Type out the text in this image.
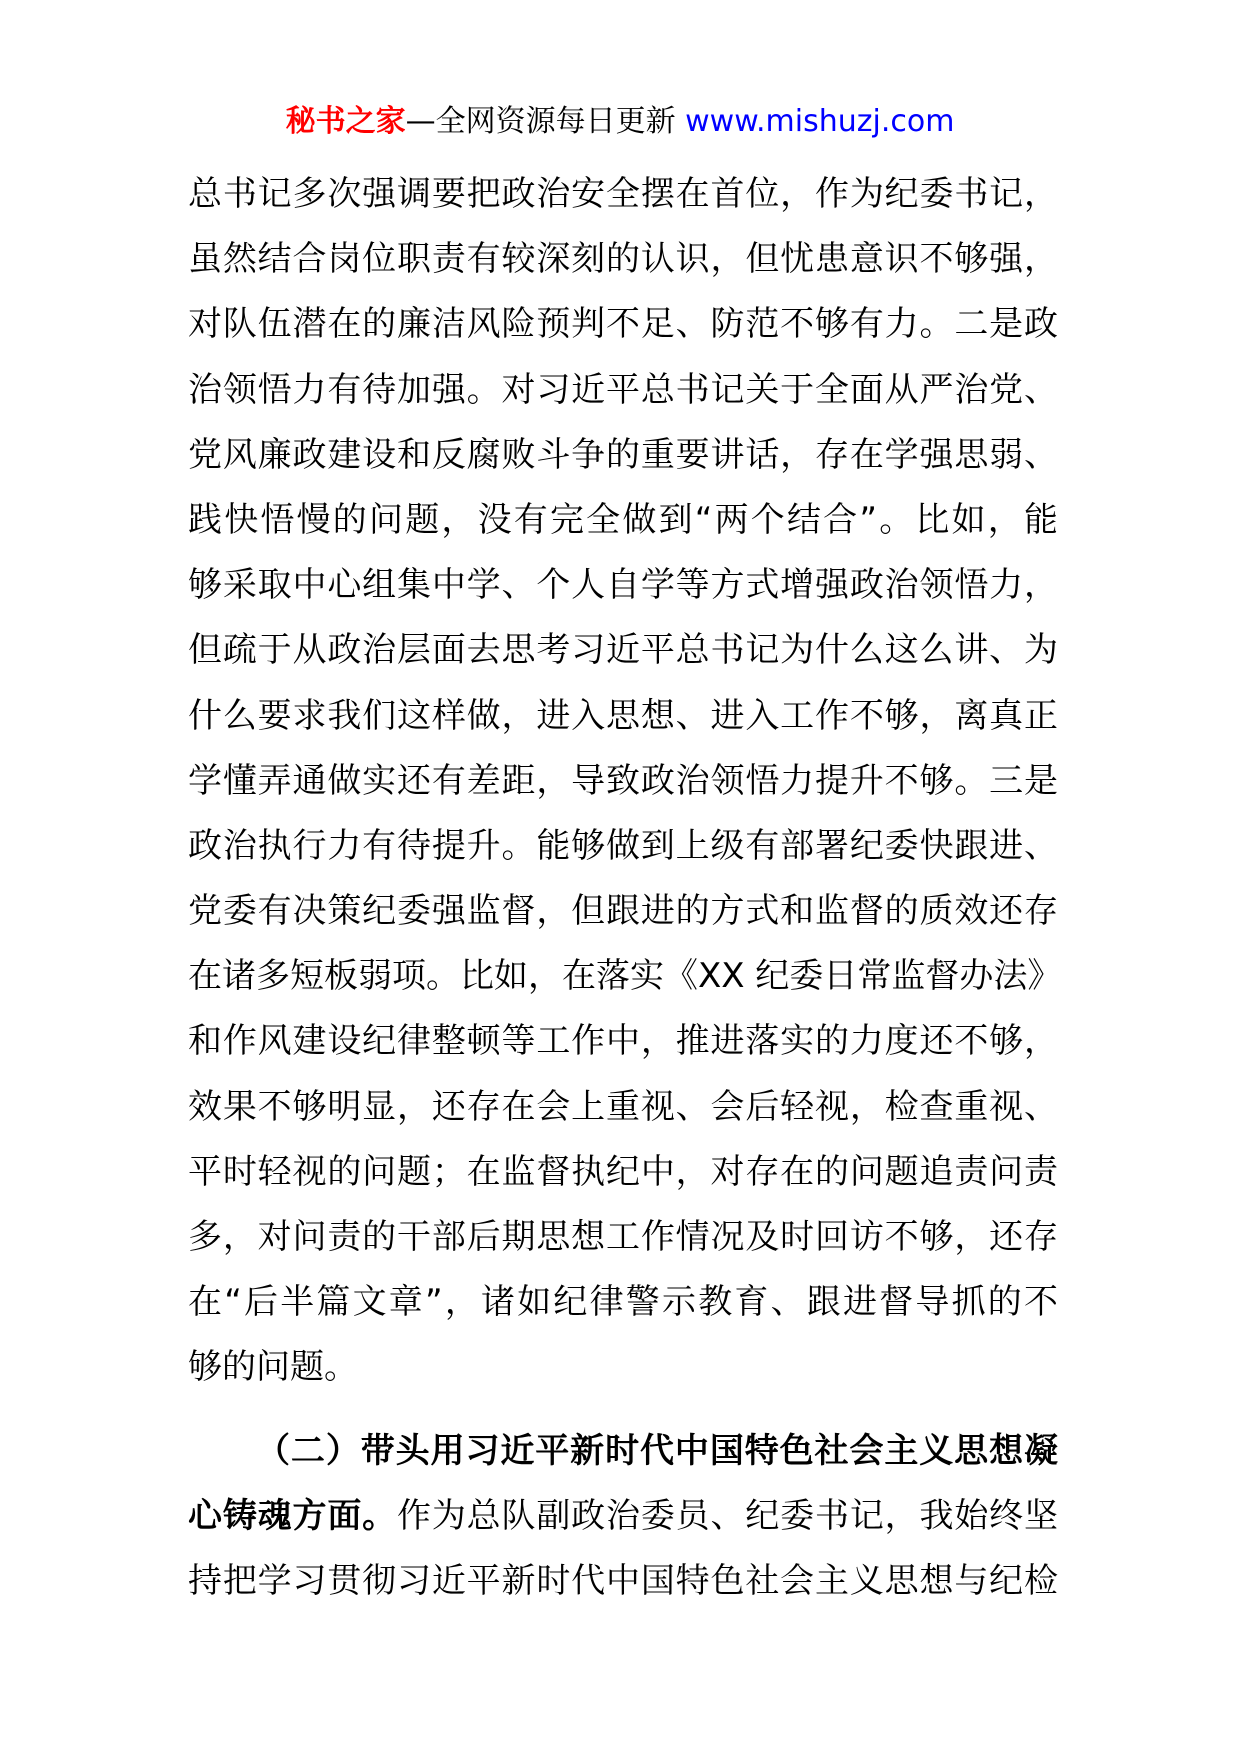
秘书之家—全网资源每日更新 www.mishuzj.com
总书记多次强调要把政治安全摆在首位，作为纪委书记，
虽然结合岗位职责有较深刻的认识，但忧患意识不够强，
对队伍潜在的廉洁风险预判不足、防范不够有力。二是政
治领悟力有待加强。对习近平总书记关于全面从严治党、
党风廉政建设和反腐败斗争的重要讲话，存在学强思弱、
践快悟慢的问题，没有完全做到“两个结合”。比如，能
够采取中心组集中学、个人自学等方式增强政治领悟力，
但疏于从政治层面去思考习近平总书记为什么这么讲、为
什么要求我们这样做，进入思想、进入工作不够，离真正
学懂弄通做实还有差距，导致政治领悟力提升不够。三是
政治执行力有待提升。能够做到上级有部署纪委快跟进、
党委有决策纪委强监督，但跟进的方式和监督的质效还存
在诸多短板弱项。比如，在落实《XX 纪委日常监督办法》
和作风建设纪律整顿等工作中，推进落实的力度还不够，
效果不够明显，还存在会上重视、会后轻视，检查重视、
平时轻视的问题；在监督执纪中，对存在的问题追责问责
多，对问责的干部后期思想工作情况及时回访不够，还存
在“后半篇文章”，诸如纪律警示教育、跟进督导抓的不
够的问题。
（二）带头用习近平新时代中国特色社会主义思想凝
心铸魂方面。作为总队副政治委员、纪委书记，我始终坚
持把学习贯彻习近平新时代中国特色社会主义思想与纪检
